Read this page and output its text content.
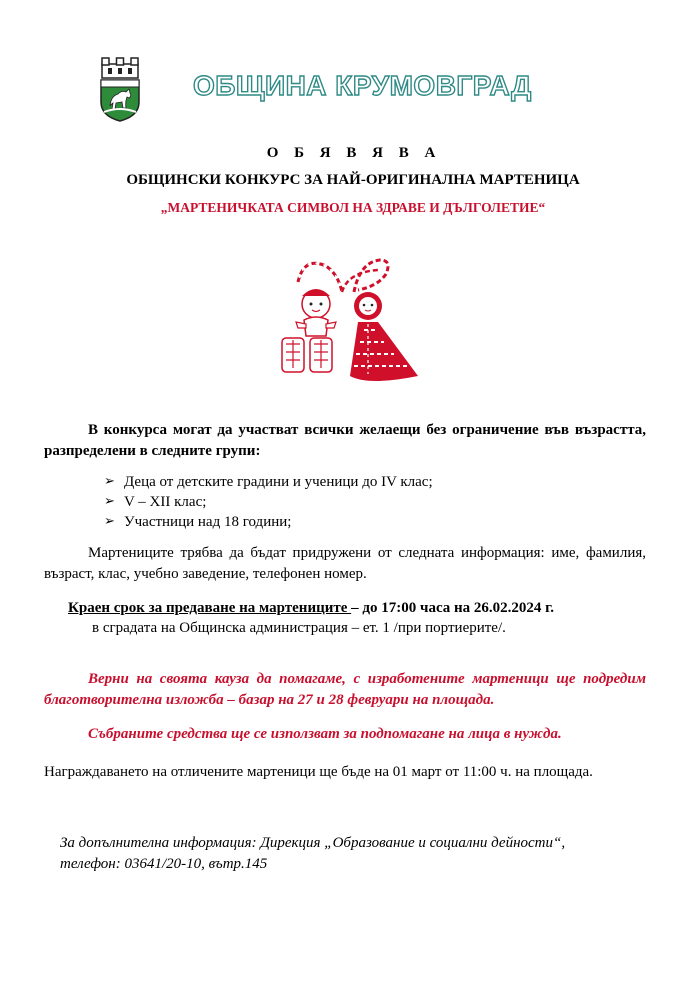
ОБЩИНА КРУМОВГРАД
О Б Я В Я В А
ОБЩИНСКИ КОНКУРС ЗА НАЙ-ОРИГИНАЛНА МАРТЕНИЦА
„МАРТЕНИЧКАТА СИМВОЛ НА ЗДРАВЕ И ДЪЛГОЛЕТИЕ“
В конкурса могат да участват всички желаещи без ограничение във възрастта, разпределени в следните групи:
➢ Деца от детските градини и ученици до IV клас;
➢ V – XII клас;
➢ Участници над 18 години;
Мартениците трябва да бъдат придружени от следната информация: име, фамилия, възраст, клас, учебно заведение, телефонен номер.
Краен срок за предаване на мартениците – до 17:00 часа на 26.02.2024 г.
в сградата на Общинска администрация – ет. 1 /при портиерите/.
Верни на своята кауза да помагаме, с изработените мартеници ще подредим благотворителна изложба – базар на 27 и 28 февруари на площада.
Събраните средства ще се използват за подпомагане на лица в нужда.
Награждаването на отличените мартеници ще бъде на 01 март от 11:00 ч. на площада.
За допълнителна информация: Дирекция „Образование и социални дейности“,
телефон: 03641/20-10, вътр.145
